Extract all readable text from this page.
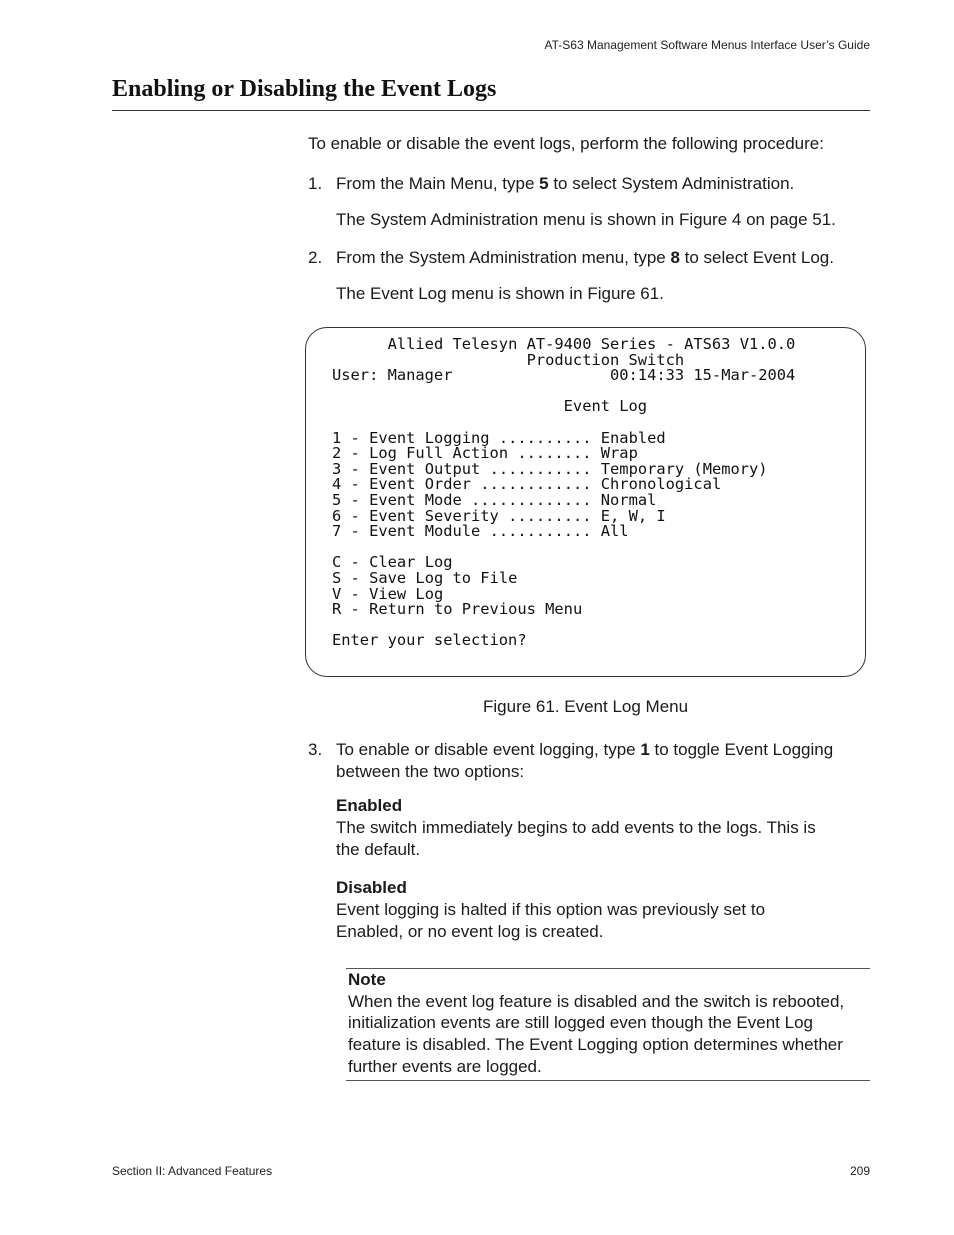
AT-S63 Management Software Menus Interface User’s Guide
Enabling or Disabling the Event Logs
To enable or disable the event logs, perform the following procedure:
1. From the Main Menu, type 5 to select System Administration.
The System Administration menu is shown in Figure 4 on page 51.
2. From the System Administration menu, type 8 to select Event Log.
The Event Log menu is shown in Figure 61.
Allied Telesyn AT-9400 Series - ATS63 V1.0.0
Production Switch
User: Manager	00:14:33 15-Mar-2004

Event Log

1 - Event Logging .......... Enabled
2 - Log Full Action ........ Wrap
3 - Event Output ........... Temporary (Memory)
4 - Event Order ............ Chronological
5 - Event Mode ............. Normal
6 - Event Severity ......... E, W, I
7 - Event Module ........... All

C - Clear Log
S - Save Log to File
V - View Log
R - Return to Previous Menu

Enter your selection?
Figure 61. Event Log Menu
3. To enable or disable event logging, type 1 to toggle Event Logging between the two options:
Enabled
The switch immediately begins to add events to the logs. This is
the default.
Disabled
Event logging is halted if this option was previously set to
Enabled, or no event log is created.
Note
When the event log feature is disabled and the switch is rebooted,
initialization events are still logged even though the Event Log
feature is disabled. The Event Logging option determines whether
further events are logged.
Section II: Advanced Features	209
